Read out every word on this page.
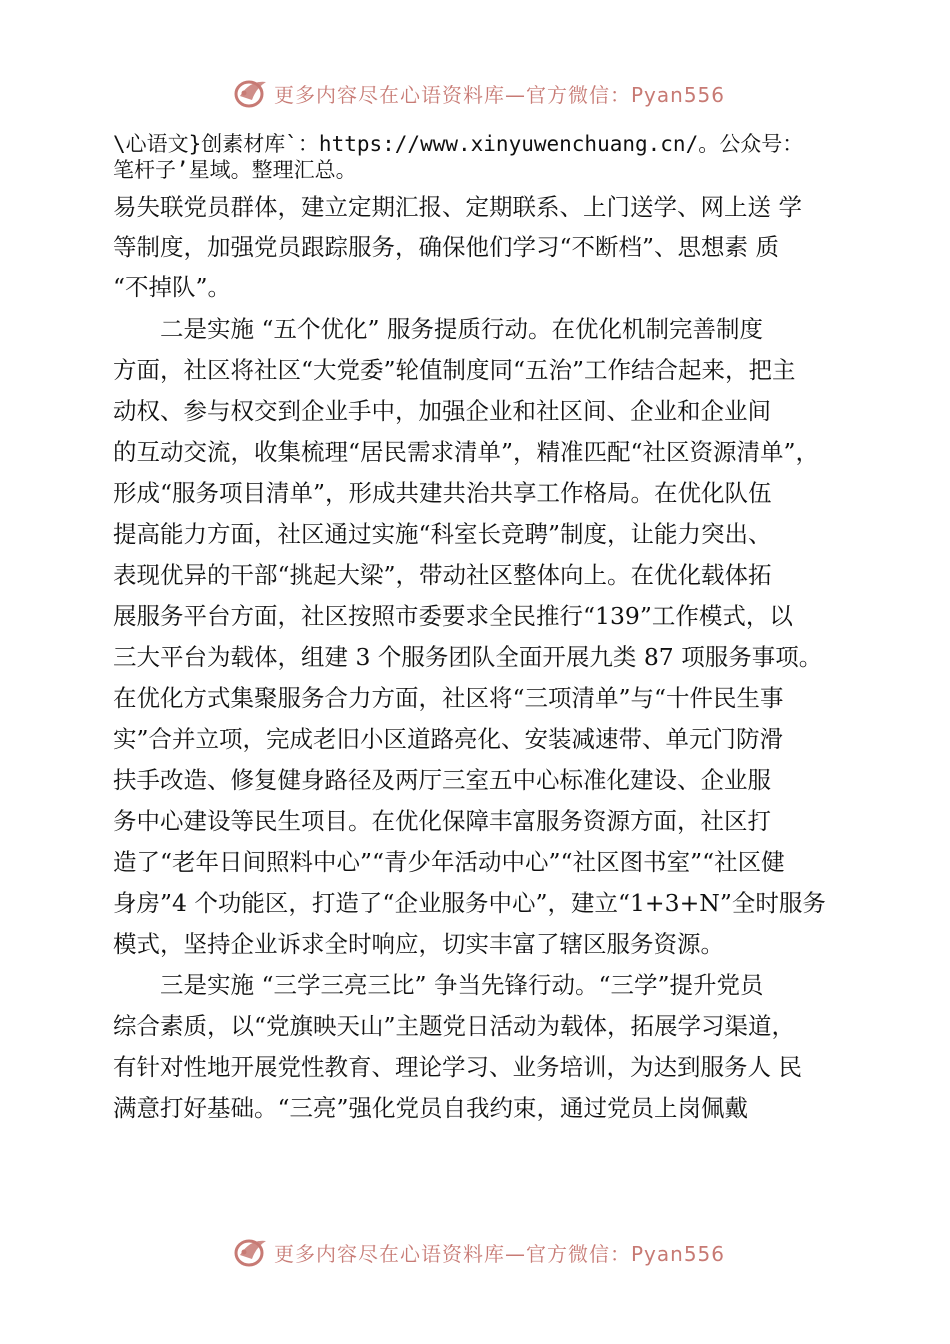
更多内容尽在心语资料库—官方微信：Pyan556
\心语文}创素材库`：https://www.xinyuwenchuang.cn/。公众号：
笔杆子’星域。整理汇总。
易失联党员群体，建立定期汇报、定期联系、上门送学、网上送 学
等制度，加强党员跟踪服务，确保他们学习“不断档”、思想素 质
“不掉队”。
　　二是实施 “五个优化” 服务提质行动。在优化机制完善制度
方面，社区将社区“大党委”轮值制度同“五治”工作结合起来，把主
动权、参与权交到企业手中，加强企业和社区间、企业和企业间
的互动交流，收集梳理“居民需求清单”，精准匹配“社区资源清单”，
形成“服务项目清单”，形成共建共治共享工作格局。在优化队伍
提高能力方面，社区通过实施“科室长竞聘”制度，让能力突出、
表现优异的干部“挑起大梁”，带动社区整体向上。在优化载体拓
展服务平台方面，社区按照市委要求全民推行“139”工作模式，以
三大平台为载体，组建 3 个服务团队全面开展九类 87 项服务事项。
在优化方式集聚服务合力方面，社区将“三项清单”与“十件民生事
实”合并立项，完成老旧小区道路亮化、安装减速带、单元门防滑
扶手改造、修复健身路径及两厅三室五中心标准化建设、企业服
务中心建设等民生项目。在优化保障丰富服务资源方面，社区打
造了“老年日间照料中心”“青少年活动中心”“社区图书室”“社区健
身房”4 个功能区，打造了“企业服务中心”，建立“1+3+N”全时服务
模式，坚持企业诉求全时响应，切实丰富了辖区服务资源。
　　三是实施 “三学三亮三比” 争当先锋行动。“三学”提升党员
综合素质，以“党旗映天山”主题党日活动为载体，拓展学习渠道，
有针对性地开展党性教育、理论学习、业务培训，为达到服务人 民
满意打好基础。“三亮”强化党员自我约束，通过党员上岗佩戴
更多内容尽在心语资料库—官方微信：Pyan556
